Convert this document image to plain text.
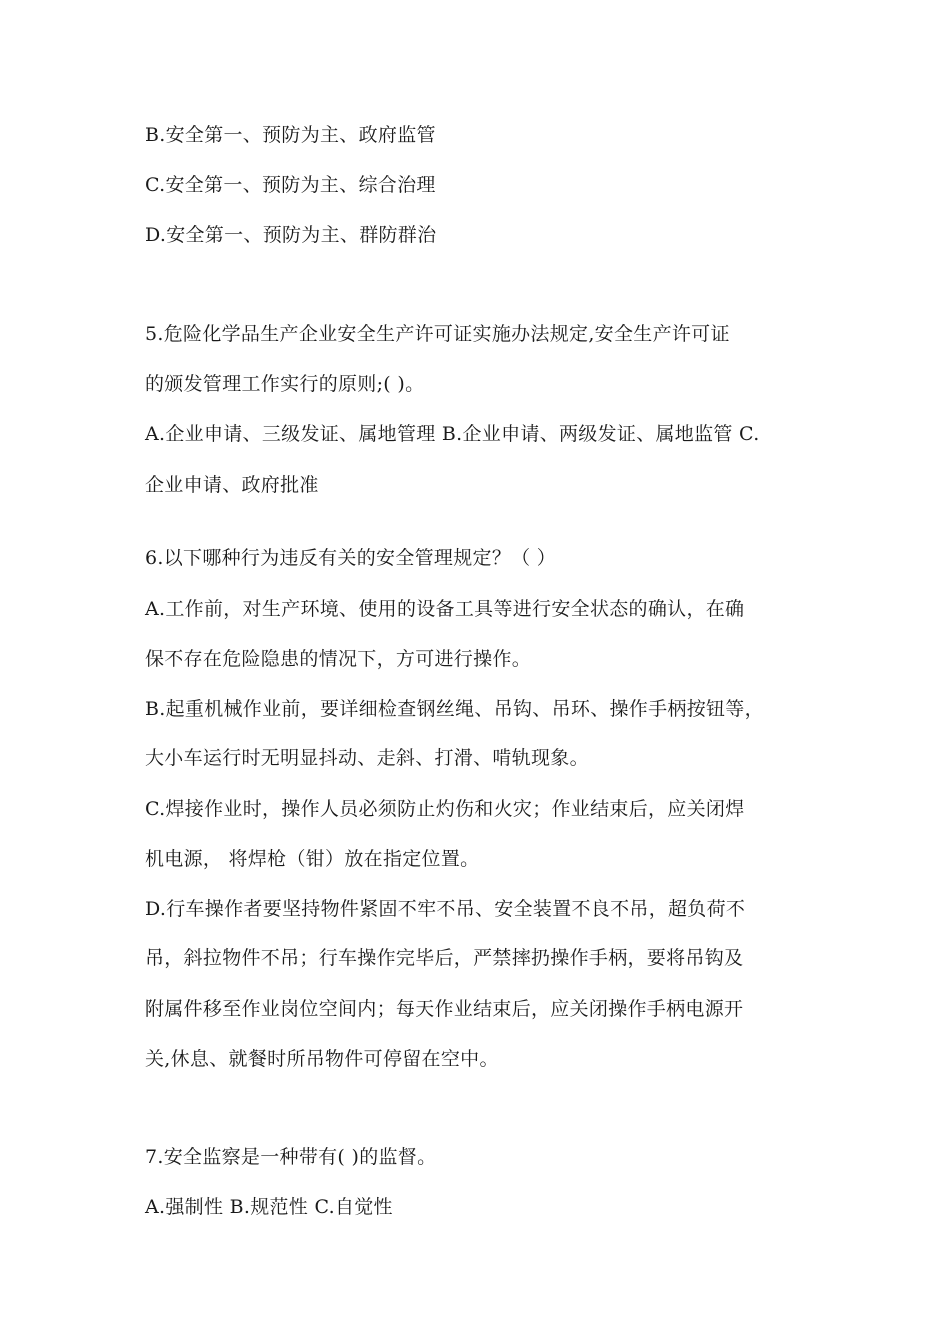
B.安全第一、预防为主、政府监管
C.安全第一、预防为主、综合治理
D.安全第一、预防为主、群防群治
5.危险化学品生产企业安全生产许可证实施办法规定,安全生产许可证
的颁发管理工作实行的原则;( )。
A.企业申请、三级发证、属地管理 B.企业申请、两级发证、属地监管 C.
企业申请、政府批准
6.以下哪种行为违反有关的安全管理规定？（ ）
A.工作前，对生产环境、使用的设备工具等进行安全状态的确认，在确
保不存在危险隐患的情况下，方可进行操作。
B.起重机械作业前，要详细检查钢丝绳、吊钩、吊环、操作手柄按钮等，
大小车运行时无明显抖动、走斜、打滑、啃轨现象。
C.焊接作业时，操作人员必须防止灼伤和火灾；作业结束后，应关闭焊
机电源， 将焊枪（钳）放在指定位置。
D.行车操作者要坚持物件紧固不牢不吊、安全装置不良不吊，超负荷不
吊，斜拉物件不吊；行车操作完毕后，严禁摔扔操作手柄，要将吊钩及
附属件移至作业岗位空间内；每天作业结束后，应关闭操作手柄电源开
关,休息、就餐时所吊物件可停留在空中。
7.安全监察是一种带有( )的监督。
A.强制性 B.规范性 C.自觉性
